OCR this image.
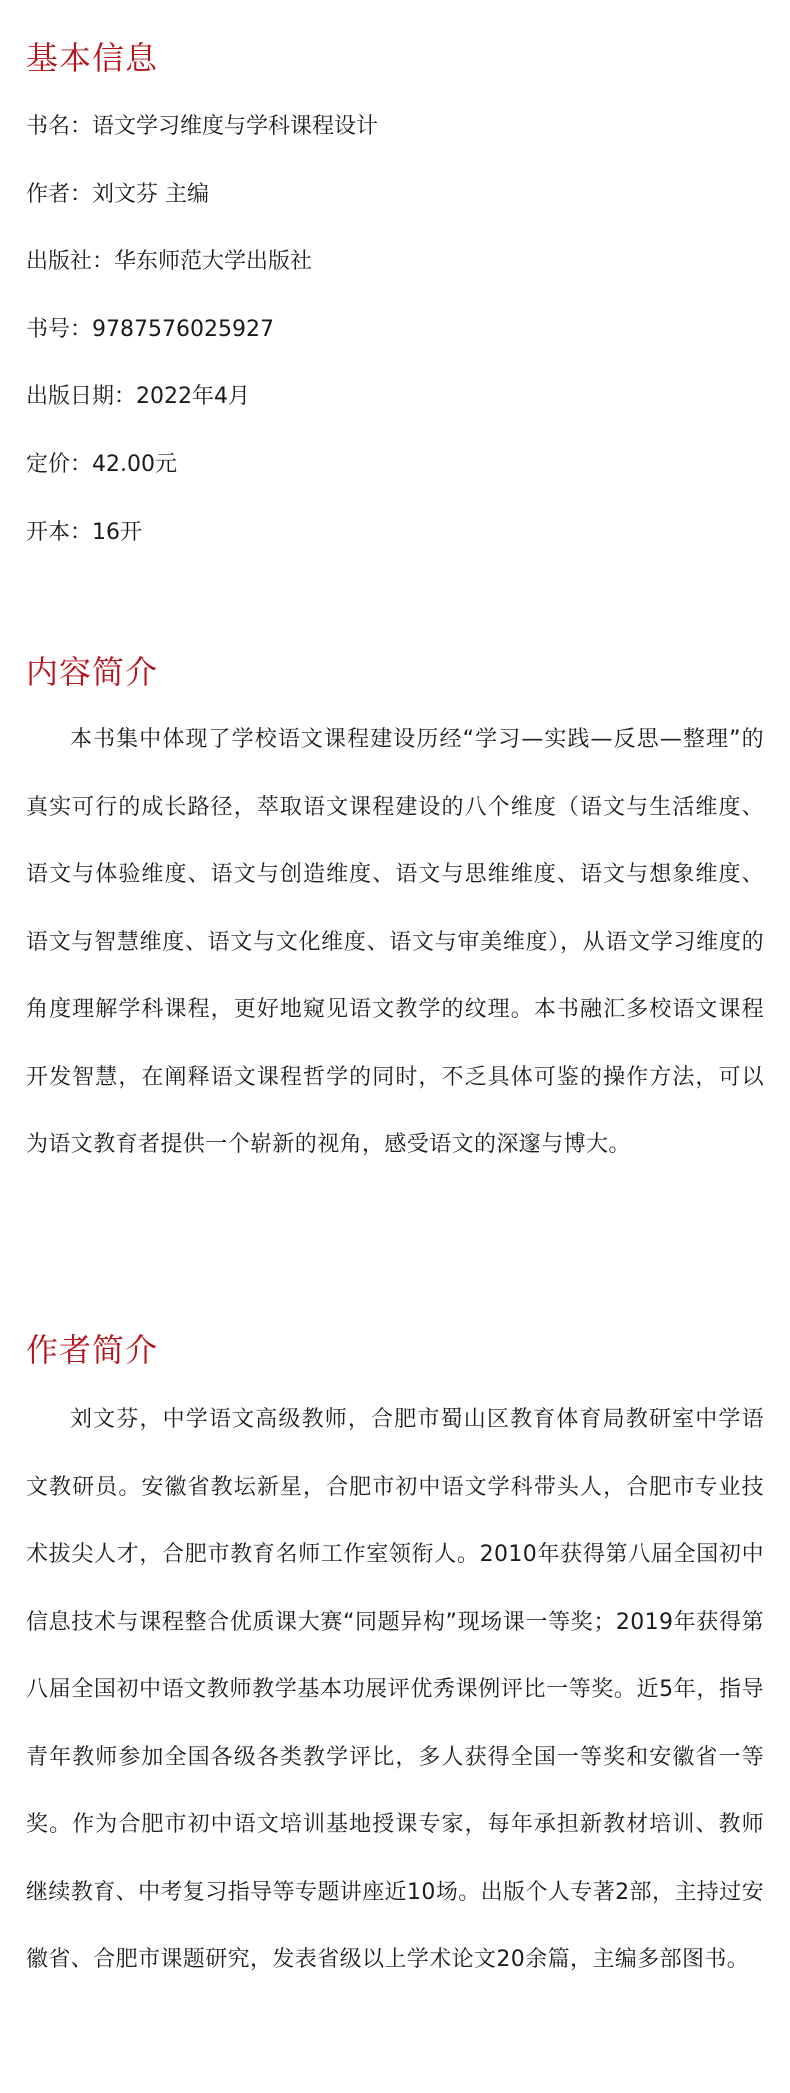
基本信息
书名：语文学习维度与学科课程设计
作者：刘文芬 主编
出版社：华东师范大学出版社
书号：9787576025927
出版日期：2022年4月
定价：42.00元
开本：16开
内容简介

本书集中体现了学校语文课程建设历经“学习—实践—反思—整理”的真实可行的成长路径，萃取语文课程建设的八个维度（语文与生活维度、语文与体验维度、语文与创造维度、语文与思维维度、语文与想象维度、语文与智慧维度、语文与文化维度、语文与审美维度），从语文学习维度的角度理解学科课程，更好地窥见语文教学的纹理。本书融汇多校语文课程开发智慧，在阐释语文课程哲学的同时，不乏具体可鉴的操作方法，可以为语文教育者提供一个崭新的视角，感受语文的深邃与博大。

作者简介

刘文芬，中学语文高级教师，合肥市蜀山区教育体育局教研室中学语文教研员。安徽省教坛新星，合肥市初中语文学科带头人，合肥市专业技术拔尖人才，合肥市教育名师工作室领衔人。2010年获得第八届全国初中信息技术与课程整合优质课大赛“同题异构”现场课一等奖；2019年获得第八届全国初中语文教师教学基本功展评优秀课例评比一等奖。近5年，指导青年教师参加全国各级各类教学评比，多人获得全国一等奖和安徽省一等奖。作为合肥市初中语文培训基地授课专家，每年承担新教材培训、教师继续教育、中考复习指导等专题讲座近10场。出版个人专著2部，主持过安徽省、合肥市课题研究，发表省级以上学术论文20余篇，主编多部图书。
